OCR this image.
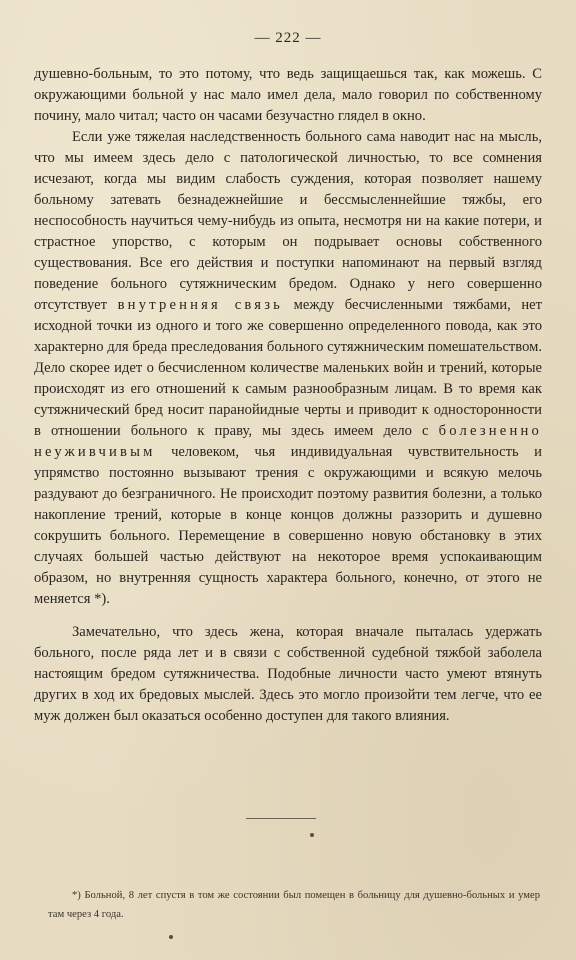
— 222 —

душевно-больным, то это потому, что ведь защищаешься так, как можешь. С окружающими больной у нас мало имел дела, мало говорил по собственному почину, мало читал; часто он часами безучастно глядел в окно.

Если уже тяжелая наследственность больного сама наводит нас на мысль, что мы имеем здесь дело с патологической личностью, то все сомнения исчезают, когда мы видим слабость суждения, которая позволяет нашему больному затевать безнадежнейшие и бессмысленнейшие тяжбы, его неспособность научиться чему-нибудь из опыта, несмотря ни на какие потери, и страстное упорство, с которым он подрывает основы собственного существования. Все его действия и поступки напоминают на первый взгляд поведение больного сутяжническим бредом. Однако у него совершенно отсутствует внутренняя связь между бесчисленными тяжбами, нет исходной точки из одного и того же совершенно определенного повода, как это характерно для бреда преследования больного сутяжническим помешательством. Дело скорее идет о бесчисленном количестве маленьких войн и трений, которые происходят из его отношений к самым разнообразным лицам. В то время как сутяжнический бред носит паранойидные черты и приводит к односторонности в отношении больного к праву, мы здесь имеем дело с болезненно неуживчивым человеком, чья индивидуальная чувствительность и упрямство постоянно вызывают трения с окружающими и всякую мелочь раздувают до безграничного. Не происходит поэтому развития болезни, а только накопление трений, которые в конце концов должны раззорить и душевно сокрушить больного. Перемещение в совершенно новую обстановку в этих случаях большей частью действуют на некоторое время успокаивающим образом, но внутренняя сущность характера больного, конечно, от этого не меняется *).

Замечательно, что здесь жена, которая вначале пыталась удержать больного, после ряда лет и в связи с собственной судебной тяжбой заболела настоящим бредом сутяжничества. Подобные личности часто умеют втянуть других в ход их бредовых мыслей. Здесь это могло произойти тем легче, что ее муж должен был оказаться особенно доступен для такого влияния.

*) Больной, 8 лет спустя в том же состоянии был помещен в больницу для душевно-больных и умер там через 4 года.
